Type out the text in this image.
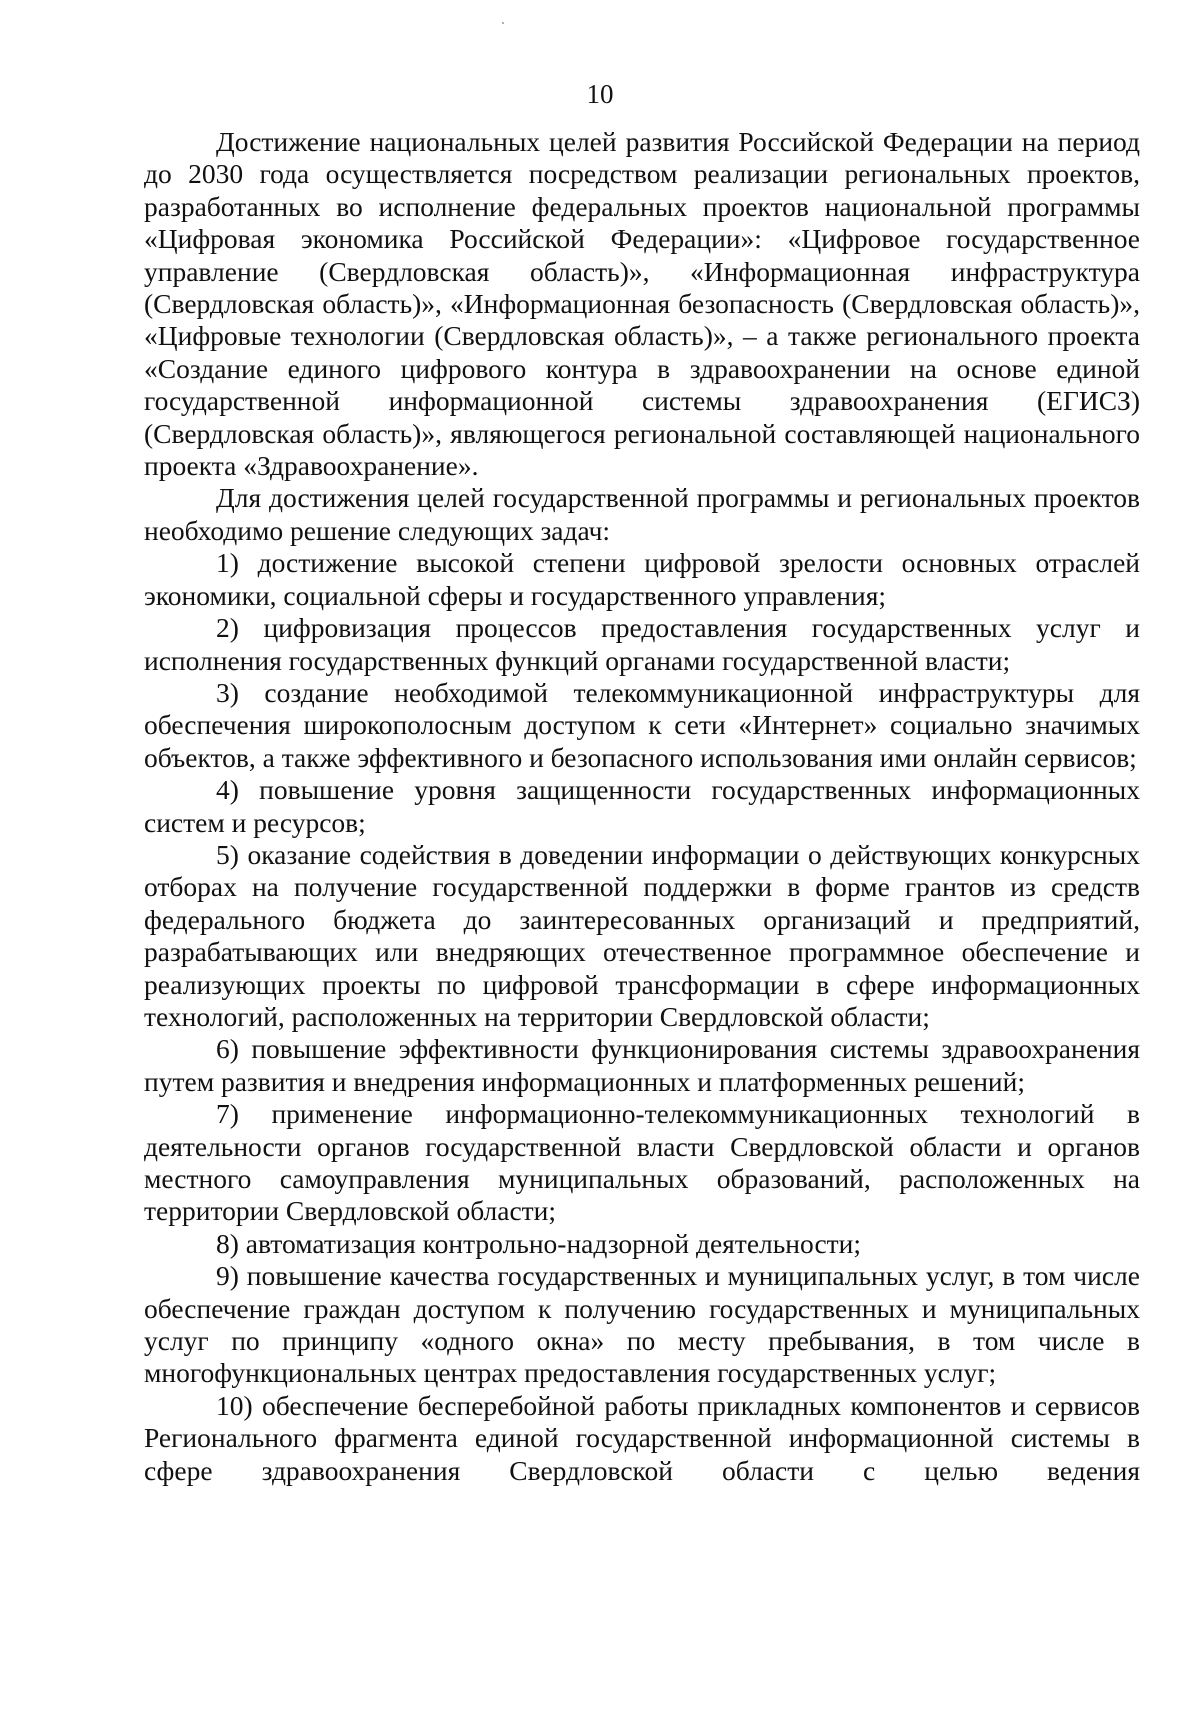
10

Достижение национальных целей развития Российской Федерации на период до 2030 года осуществляется посредством реализации региональных проектов, разработанных во исполнение федеральных проектов национальной программы «Цифровая экономика Российской Федерации»: «Цифровое государственное управление (Свердловская область)», «Информационная инфраструктура (Свердловская область)», «Информационная безопасность (Свердловская область)», «Цифровые технологии (Свердловская область)», – а также регионального проекта «Создание единого цифрового контура в здравоохранении на основе единой государственной информационной системы здравоохранения (ЕГИСЗ) (Свердловская область)», являющегося региональной составляющей национального проекта «Здравоохранение».

Для достижения целей государственной программы и региональных проектов необходимо решение следующих задач:

1) достижение высокой степени цифровой зрелости основных отраслей экономики, социальной сферы и государственного управления;

2) цифровизация процессов предоставления государственных услуг и исполнения государственных функций органами государственной власти;

3) создание необходимой телекоммуникационной инфраструктуры для обеспечения широкополосным доступом к сети «Интернет» социально значимых объектов, а также эффективного и безопасного использования ими онлайн сервисов;

4) повышение уровня защищенности государственных информационных систем и ресурсов;

5) оказание содействия в доведении информации о действующих конкурсных отборах на получение государственной поддержки в форме грантов из средств федерального бюджета до заинтересованных организаций и предприятий, разрабатывающих или внедряющих отечественное программное обеспечение и реализующих проекты по цифровой трансформации в сфере информационных технологий, расположенных на территории Свердловской области;

6) повышение эффективности функционирования системы здравоохранения путем развития и внедрения информационных и платформенных решений;

7) применение информационно-телекоммуникационных технологий в деятельности органов государственной власти Свердловской области и органов местного самоуправления муниципальных образований, расположенных на территории Свердловской области;

8) автоматизация контрольно-надзорной деятельности;

9) повышение качества государственных и муниципальных услуг, в том числе обеспечение граждан доступом к получению государственных и муниципальных услуг по принципу «одного окна» по месту пребывания, в том числе в многофункциональных центрах предоставления государственных услуг;

10) обеспечение бесперебойной работы прикладных компонентов и сервисов Регионального фрагмента единой государственной информационной системы в сфере здравоохранения Свердловской области с целью ведения
